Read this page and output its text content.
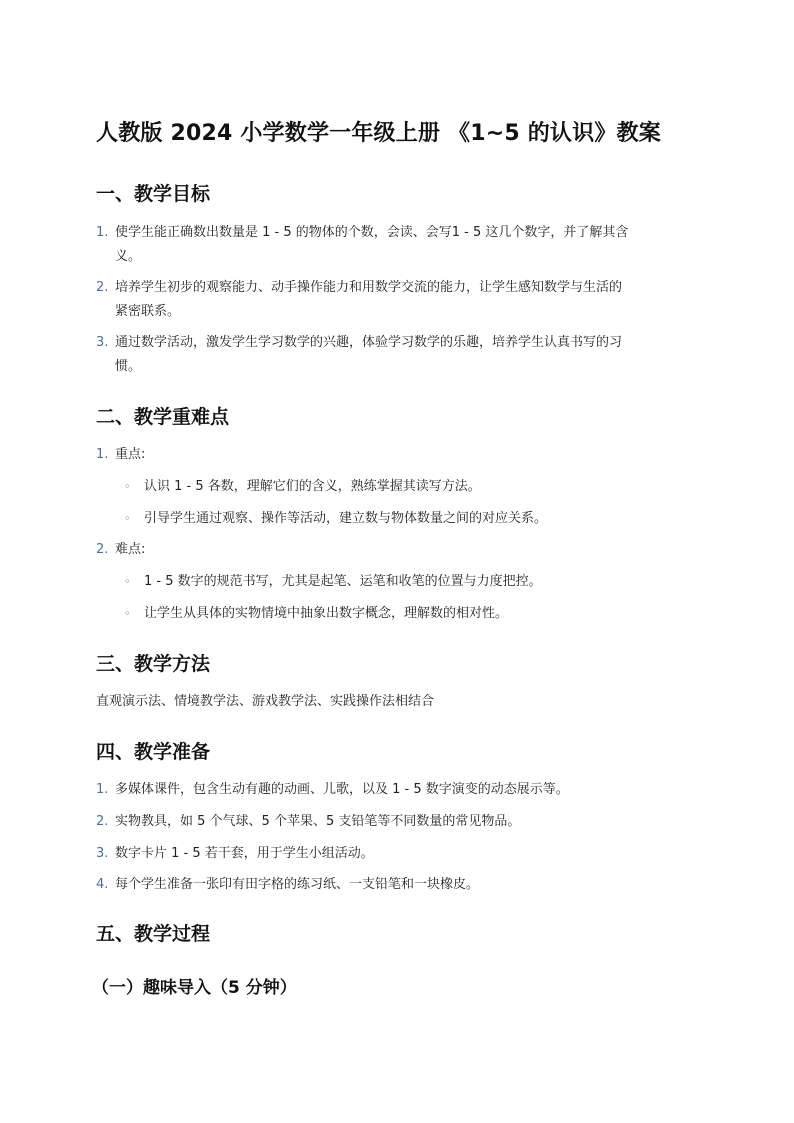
人教版 2024 小学数学一年级上册 《1~5 的认识》教案
一、教学目标
1. 使学生能正确数出数量是 1 - 5 的物体的个数，会读、会写1 - 5 这几个数字，并了解其含
义。
2. 培养学生初步的观察能力、动手操作能力和用数学交流的能力，让学生感知数学与生活的
紧密联系。
3. 通过数学活动，激发学生学习数学的兴趣，体验学习数学的乐趣，培养学生认真书写的习
惯。
二、教学重难点
1. 重点:
◦	认识 1 - 5 各数，理解它们的含义，熟练掌握其读写方法。
◦	引导学生通过观察、操作等活动，建立数与物体数量之间的对应关系。
2. 难点:
◦	1 - 5 数字的规范书写，尤其是起笔、运笔和收笔的位置与力度把控。
◦	让学生从具体的实物情境中抽象出数字概念，理解数的相对性。
三、教学方法
直观演示法、情境教学法、游戏教学法、实践操作法相结合
四、教学准备
1. 多媒体课件，包含生动有趣的动画、儿歌，以及 1 - 5 数字演变的动态展示等。
2. 实物教具，如 5 个气球、5 个苹果、5 支铅笔等不同数量的常见物品。
3. 数字卡片 1 - 5 若干套，用于学生小组活动。
4. 每个学生准备一张印有田字格的练习纸、一支铅笔和一块橡皮。
五、教学过程
（一）趣味导入（5 分钟）
